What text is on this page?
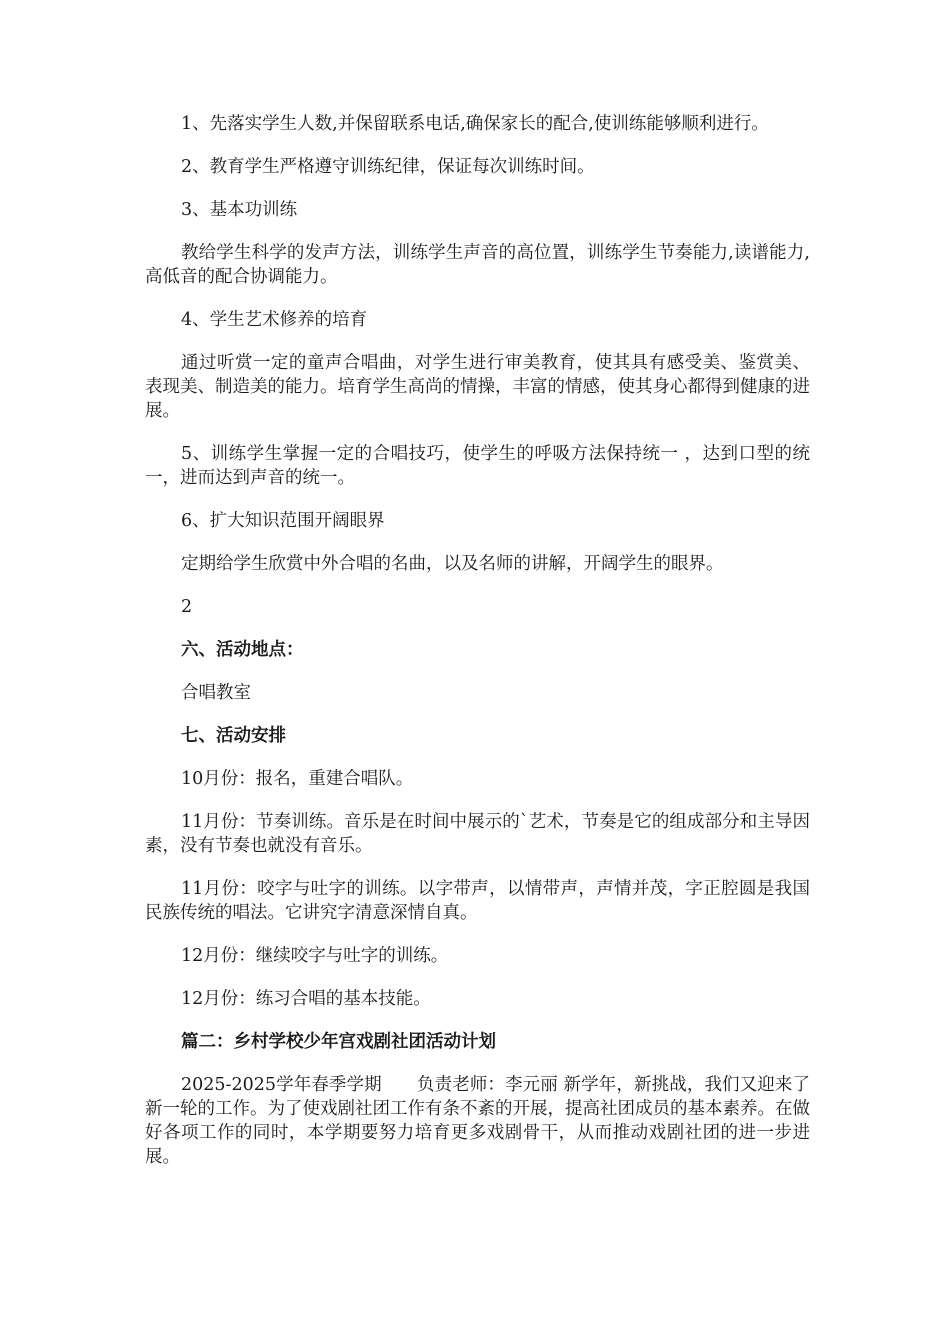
1、先落实学生人数,并保留联系电话,确保家长的配合,使训练能够顺利进行。

2、教育学生严格遵守训练纪律，保证每次训练时间。

3、基本功训练

教给学生科学的发声方法，训练学生声音的高位置，训练学生节奏能力,读谱能力,高低音的配合协调能力。

4、学生艺术修养的培育

通过听赏一定的童声合唱曲，对学生进行审美教育，使其具有感受美、鉴赏美、表现美、制造美的能力。培育学生高尚的情操，丰富的情感，使其身心都得到健康的进展。

5、训练学生掌握一定的合唱技巧，使学生的呼吸方法保持统一 ，达到口型的统一，进而达到声音的统一。

6、扩大知识范围开阔眼界

定期给学生欣赏中外合唱的名曲，以及名师的讲解，开阔学生的眼界。

2

六、活动地点：

合唱教室

七、活动安排

10月份：报名，重建合唱队。

11月份：节奏训练。音乐是在时间中展示的`艺术，节奏是它的组成部分和主导因素，没有节奏也就没有音乐。

11月份：咬字与吐字的训练。以字带声，以情带声，声情并茂，字正腔圆是我国民族传统的唱法。它讲究字清意深情自真。

12月份：继续咬字与吐字的训练。

12月份：练习合唱的基本技能。

篇二：乡村学校少年宫戏剧社团活动计划

2025-2025学年春季学期　　负责老师：李元丽 新学年，新挑战，我们又迎来了新一轮的工作。为了使戏剧社团工作有条不紊的开展，提高社团成员的基本素养。在做好各项工作的同时，本学期要努力培育更多戏剧骨干，从而推动戏剧社团的进一步进展。
